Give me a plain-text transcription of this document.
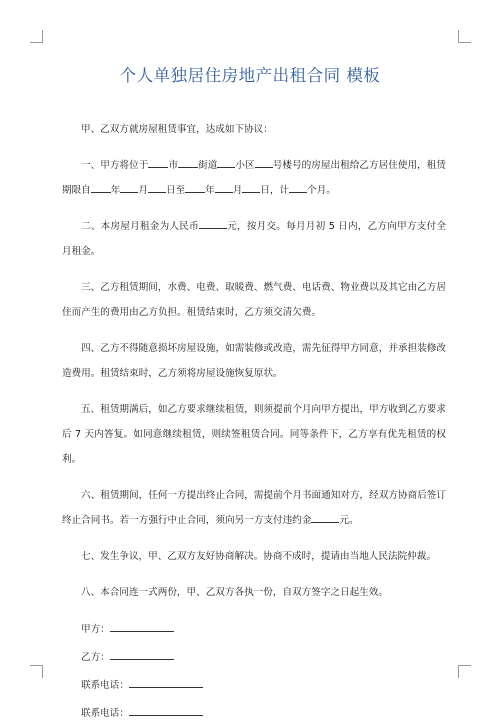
个人单独居住房地产出租合同 模板

甲、乙双方就房屋租赁事宜，达成如下协议：

一、甲方将位于 市 街道 小区 号楼号的房屋出租给乙方居住使用，租赁期限自 年 月 日至 年 月 日，计 个月。

二、本房屋月租金为人民币	元，按月交。每月月初 5 日内，乙方向甲方支付全月租金。

三、乙方租赁期间，水费、电费、取暖费、燃气费、电话费、物业费以及其它由乙方居住而产生的费用由乙方负担。租赁结束时，乙方须交清欠费。

四、乙方不得随意损坏房屋设施，如需装修或改造，需先征得甲方同意，并承担装修改造费用。租赁结束时，乙方须将房屋设施恢复原状。

五、租赁期满后，如乙方要求继续租赁，则须提前个月向甲方提出，甲方收到乙方要求后 7 天内答复。如同意继续租赁，则续签租赁合同。同等条件下，乙方享有优先租赁的权利。

六、租赁期间，任何一方提出终止合同，需提前个月书面通知对方，经双方协商后签订终止合同书。若一方强行中止合同，须向另一方支付违约金	元。

七、发生争议，甲、乙双方友好协商解决。协商不成时，提请由当地人民法院仲裁。

八、本合同连一式两份，甲、乙双方各执一份，自双方签字之日起生效。

甲方：

乙方：

联系电话：

联系电话：
